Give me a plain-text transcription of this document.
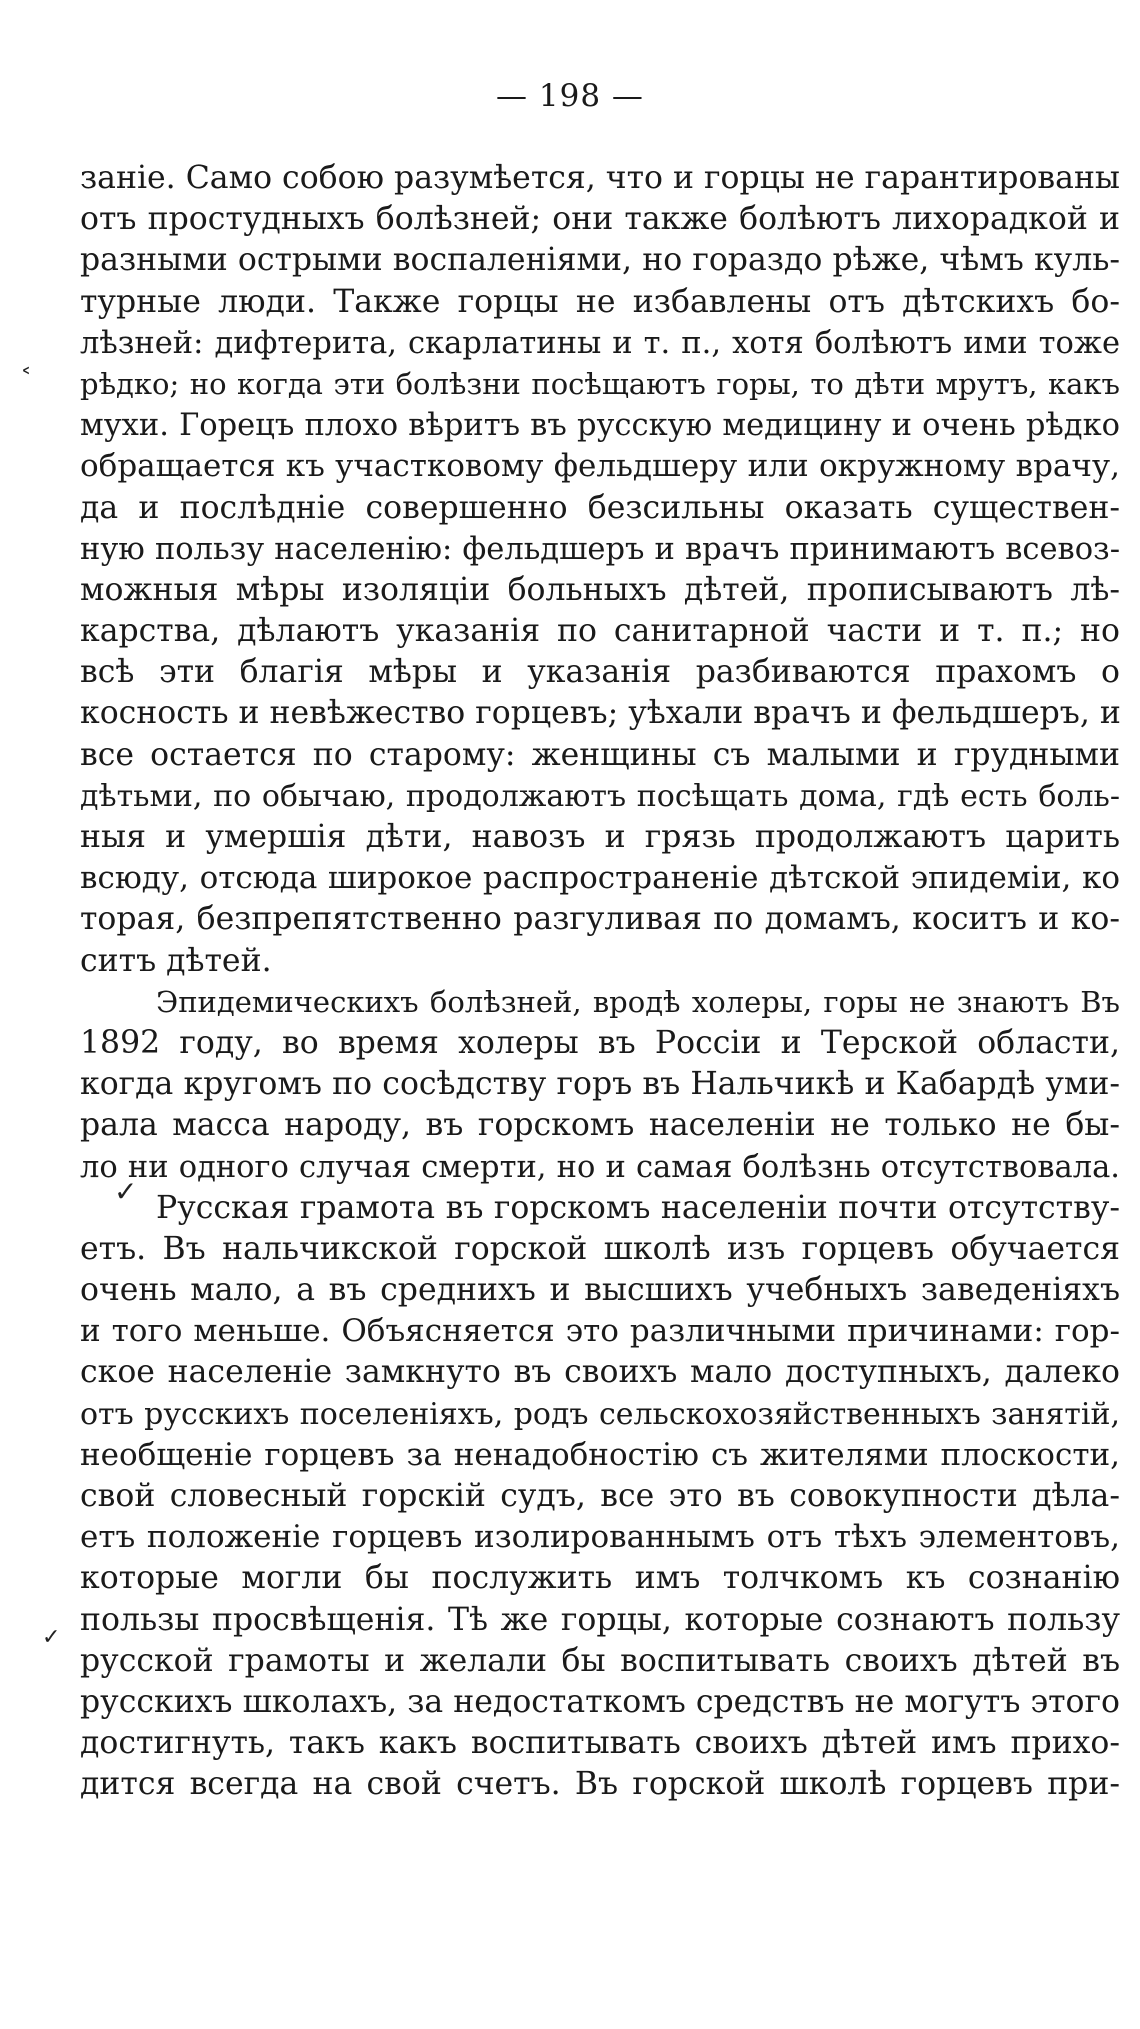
— 198 —
˂
✓
✓
заніе. Само собою разумѣется, что и горцы не гарантированы
отъ простудныхъ болѣзней; они также болѣютъ лихорадкой и
разными острыми воспаленіями, но гораздо рѣже, чѣмъ куль-
турные люди. Также горцы не избавлены отъ дѣтскихъ бо-
лѣзней: дифтерита, скарлатины и т. п., хотя болѣютъ ими тоже
рѣдко; но когда эти болѣзни посѣщаютъ горы, то дѣти мрутъ, какъ
мухи. Горецъ плохо вѣритъ въ русскую медицину и очень рѣдко
обращается къ участковому фельдшеру или окружному врачу,
да и послѣдніе совершенно безсильны оказать существен-
ную пользу населенію: фельдшеръ и врачъ принимаютъ всевоз-
можныя мѣры изоляціи больныхъ дѣтей, прописываютъ лѣ-
карства, дѣлаютъ указанія по санитарной части и т. п.; но
всѣ эти благія мѣры и указанія разбиваются прахомъ о
косность и невѣжество горцевъ; уѣхали врачъ и фельдшеръ, и
все остается по старому: женщины съ малыми и грудными
дѣтьми, по обычаю, продолжаютъ посѣщать дома, гдѣ есть боль-
ныя и умершія дѣти, навозъ и грязь продолжаютъ царить
всюду, отсюда широкое распространеніе дѣтской эпидеміи, ко
торая, безпрепятственно разгуливая по домамъ, коситъ и ко-
ситъ дѣтей.
Эпидемическихъ болѣзней, вродѣ холеры, горы не знаютъ Въ
1892 году, во время холеры въ Россіи и Терской области,
когда кругомъ по сосѣдству горъ въ Нальчикѣ и Кабардѣ уми-
рала масса народу, въ горскомъ населеніи не только не бы-
ло ни одного случая смерти, но и самая болѣзнь отсутствовала.
Русская грамота въ горскомъ населеніи почти отсутству-
етъ. Въ нальчикской горской школѣ изъ горцевъ обучается
очень мало, а въ среднихъ и высшихъ учебныхъ заведеніяхъ
и того меньше. Объясняется это различными причинами: гор-
ское населеніе замкнуто въ своихъ мало доступныхъ, далеко
отъ русскихъ поселеніяхъ, родъ сельскохозяйственныхъ занятій,
необщеніе горцевъ за ненадобностію съ жителями плоскости,
свой словесный горскій судъ, все это въ совокупности дѣла-
етъ положеніе горцевъ изолированнымъ отъ тѣхъ элементовъ,
которые могли бы послужить имъ толчкомъ къ сознанію
пользы просвѣщенія. Тѣ же горцы, которые сознаютъ пользу
русской грамоты и желали бы воспитывать своихъ дѣтей въ
русскихъ школахъ, за недостаткомъ средствъ не могутъ этого
достигнуть, такъ какъ воспитывать своихъ дѣтей имъ прихо-
дится всегда на свой счетъ. Въ горской школѣ горцевъ при-
